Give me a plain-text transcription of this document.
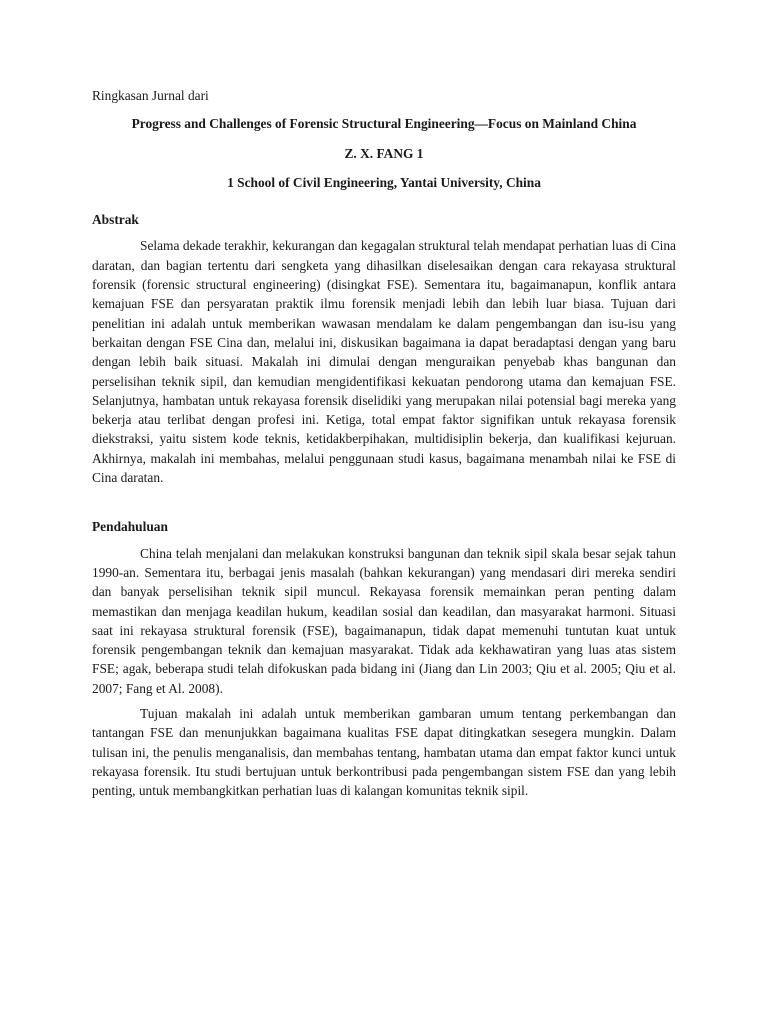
Ringkasan Jurnal dari

Progress and Challenges of Forensic Structural Engineering—Focus on Mainland China

Z. X. FANG 1

1 School of Civil Engineering, Yantai University, China

Abstrak

Selama dekade terakhir, kekurangan dan kegagalan struktural telah mendapat perhatian luas di Cina daratan, dan bagian tertentu dari sengketa yang dihasilkan diselesaikan dengan cara rekayasa struktural forensik (forensic structural engineering) (disingkat FSE). Sementara itu, bagaimanapun, konflik antara kemajuan FSE dan persyaratan praktik ilmu forensik menjadi lebih dan lebih luar biasa. Tujuan dari penelitian ini adalah untuk memberikan wawasan mendalam ke dalam pengembangan dan isu-isu yang berkaitan dengan FSE Cina dan, melalui ini, diskusikan bagaimana ia dapat beradaptasi dengan yang baru dengan lebih baik situasi. Makalah ini dimulai dengan menguraikan penyebab khas bangunan dan perselisihan teknik sipil, dan kemudian mengidentifikasi kekuatan pendorong utama dan kemajuan FSE. Selanjutnya, hambatan untuk rekayasa forensik diselidiki yang merupakan nilai potensial bagi mereka yang bekerja atau terlibat dengan profesi ini. Ketiga, total empat faktor signifikan untuk rekayasa forensik diekstraksi, yaitu sistem kode teknis, ketidakberpihakan, multidisiplin bekerja, dan kualifikasi kejuruan. Akhirnya, makalah ini membahas, melalui penggunaan studi kasus, bagaimana menambah nilai ke FSE di Cina daratan.

Pendahuluan

China telah menjalani dan melakukan konstruksi bangunan dan teknik sipil skala besar sejak tahun 1990-an. Sementara itu, berbagai jenis masalah (bahkan kekurangan) yang mendasari diri mereka sendiri dan banyak perselisihan teknik sipil muncul. Rekayasa forensik memainkan peran penting dalam memastikan dan menjaga keadilan hukum, keadilan sosial dan keadilan, dan masyarakat harmoni. Situasi saat ini rekayasa struktural forensik (FSE), bagaimanapun, tidak dapat memenuhi tuntutan kuat untuk forensik pengembangan teknik dan kemajuan masyarakat. Tidak ada kekhawatiran yang luas atas sistem FSE; agak, beberapa studi telah difokuskan pada bidang ini (Jiang dan Lin 2003; Qiu et al. 2005; Qiu et al. 2007; Fang et Al. 2008).

Tujuan makalah ini adalah untuk memberikan gambaran umum tentang perkembangan dan tantangan FSE dan menunjukkan bagaimana kualitas FSE dapat ditingkatkan sesegera mungkin. Dalam tulisan ini, the penulis menganalisis, dan membahas tentang, hambatan utama dan empat faktor kunci untuk rekayasa forensik. Itu studi bertujuan untuk berkontribusi pada pengembangan sistem FSE dan yang lebih penting, untuk membangkitkan perhatian luas di kalangan komunitas teknik sipil.
